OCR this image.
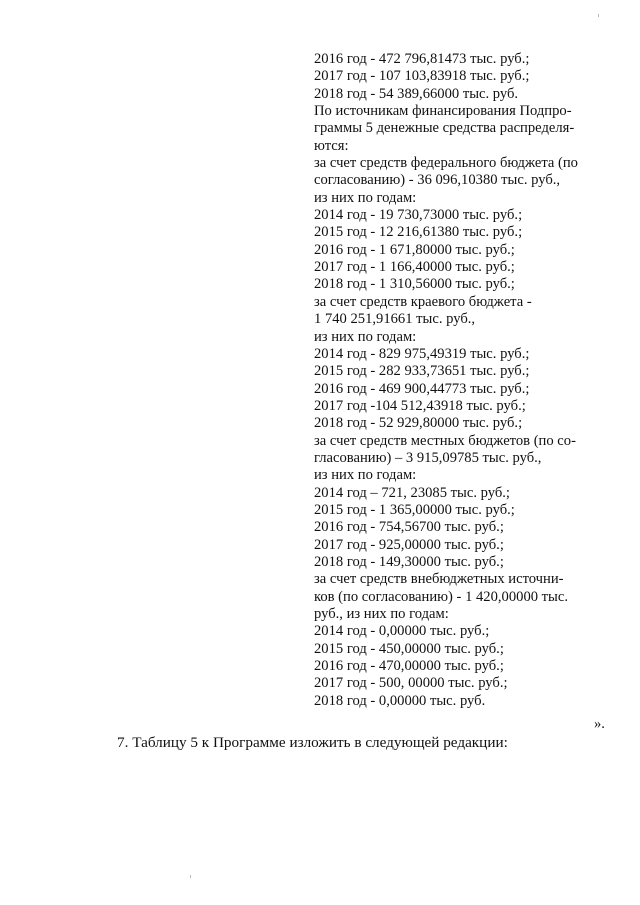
2016 год - 472 796,81473 тыс. руб.;
2017 год - 107 103,83918 тыс. руб.;
2018 год - 54 389,66000 тыс. руб.
По источникам финансирования Подпро-
граммы 5 денежные средства распределя-
ются:
за счет средств федерального бюджета (по
согласованию) - 36 096,10380 тыс. руб.,
из них по годам:
2014 год - 19 730,73000 тыс. руб.;
2015 год - 12 216,61380 тыс. руб.;
2016 год - 1 671,80000 тыс. руб.;
2017 год - 1 166,40000 тыс. руб.;
2018 год - 1 310,56000 тыс. руб.;
за счет средств краевого бюджета -
1 740 251,91661 тыс. руб.,
из них по годам:
2014 год - 829 975,49319 тыс. руб.;
2015 год - 282 933,73651 тыс. руб.;
2016 год - 469 900,44773 тыс. руб.;
2017 год -104 512,43918 тыс. руб.;
2018 год - 52 929,80000 тыс. руб.;
за счет средств местных бюджетов (по со-
гласованию) – 3 915,09785 тыс. руб.,
из них по годам:
2014 год – 721, 23085 тыс. руб.;
2015 год - 1 365,00000 тыс. руб.;
2016 год - 754,56700 тыс. руб.;
2017 год - 925,00000 тыс. руб.;
2018 год - 149,30000 тыс. руб.;
за счет средств внебюджетных источни-
ков (по согласованию) - 1 420,00000 тыс.
руб., из них по годам:
2014 год - 0,00000 тыс. руб.;
2015 год - 450,00000 тыс. руб.;
2016 год - 470,00000 тыс. руб.;
2017 год - 500, 00000 тыс. руб.;
2018 год - 0,00000 тыс. руб.
».
7. Таблицу 5 к Программе изложить в следующей редакции:
